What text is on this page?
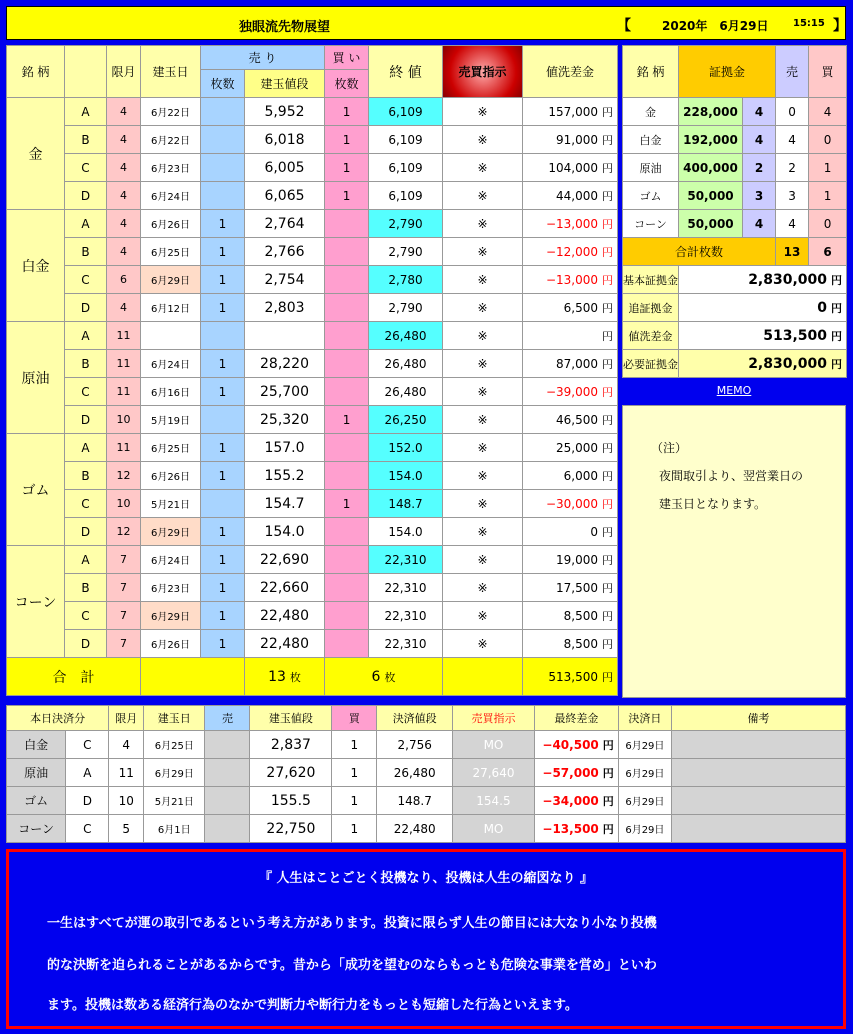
独眼流先物展望	【	2020年　6月29日 15:15 】
銘 柄		限月	建玉日	売 り		買 い	終 値	売買指示	値洗差金
				枚数	建玉値段	枚数			
金	A	4	6月22日		5,952	1	6,109	※	157,000 円
	B	4	6月22日		6,018	1	6,109	※	91,000 円
	C	4	6月23日		6,005	1	6,109	※	104,000 円
	D	4	6月24日		6,065	1	6,109	※	44,000 円
白金	A	4	6月26日	1	2,764		2,790	※	−13,000 円
	B	4	6月25日	1	2,766		2,790	※	−12,000 円
	C	6	6月29日	1	2,754		2,780	※	−13,000 円
	D	4	6月12日	1	2,803		2,790	※	6,500 円
原油	A	11					26,480	※	円
	B	11	6月24日	1	28,220		26,480	※	87,000 円
	C	11	6月16日	1	25,700		26,480	※	−39,000 円
	D	10	5月19日		25,320	1	26,250	※	46,500 円
ゴム	A	11	6月25日	1	157.0		152.0	※	25,000 円
	B	12	6月26日	1	155.2		154.0	※	6,000 円
	C	10	5月21日		154.7	1	148.7	※	−30,000 円
	D	12	6月29日	1	154.0		154.0	※	0 円
コーン	A	7	6月24日	1	22,690		22,310	※	19,000 円
	B	7	6月23日	1	22,660		22,310	※	17,500 円
	C	7	6月29日	1	22,480		22,310	※	8,500 円
	D	7	6月26日	1	22,480		22,310	※	8,500 円
合　計					13 枚	6 枚			513,500 円
銘 柄	証拠金		売	買
金	228,000	4	0	4
白金	192,000	4	4	0
原油	400,000	2	2	1
ゴム	50,000	3	3	1
コーン	50,000	4	4	0
合計枚数			13	6
基本証拠金	2,830,000 円			
追証拠金	0 円			
値洗差金	513,500 円			
必要証拠金	2,830,000 円			
MEMO
（注）
夜間取引より、翌営業日の
建玉日となります。
本日決済分		限月	建玉日	売	建玉値段	買	決済値段	売買指示	最終差金	決済日	備考
白金	C	4	6月25日		2,837	1	2,756	MO	−40,500 円	6月29日	
原油	A	11	6月29日		27,620	1	26,480	27,640	−57,000 円	6月29日	
ゴム	D	10	5月21日		155.5	1	148.7	154.5	−34,000 円	6月29日	
コーン	C	5	6月1日		22,750	1	22,480	MO	−13,500 円	6月29日	
『 人生はことごとく投機なり、投機は人生の縮図なり 』
一生はすべてが運の取引であるという考え方があります。投資に限らず人生の節目には大なり小なり投機
的な決断を迫られることがあるからです。昔から「成功を望むのならもっとも危険な事業を営め」といわ
ます。投機は数ある経済行為のなかで判断力や断行力をもっとも短縮した行為といえます。
